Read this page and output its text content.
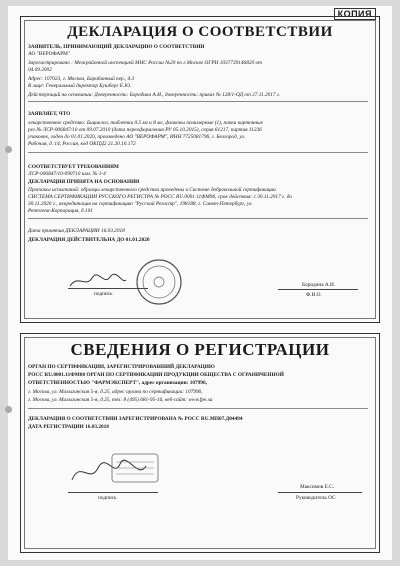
КОПИЯ
ДЕКЛАРАЦИЯ О СООТВЕТСТВИИ
ЗАЯВИТЕЛЬ, ПРИНИМАЮЩИЙ ДЕКЛАРАЦИЮ О СООТВЕТСТВИИ
АО "ВЕРОФАРМ"
Зарегистрировано : Межрайонной инспекцией МНС России №20 по г.Москве ОГРН 1037739146820 от
04.09.2002
Адрес: 107023, г. Москва, Барабанный пер., д.3
В лице: Генеральный директор Бушберг Е.Ю.
Действующий на основании: Доверенность: Бородина А.И., доверенность: приказ № 128/1-ОД от 27.11.2017 г.
ЗАЯВЛЯЕТ, ЧТО
лекарственное средство: Бициклол, таблетки 0.5 мг и 8 мг, флаконы полимерные (1), пачки картонные
рег.№ ЛСР-006847/10 от 09.07.2010 (дата переоформления РУ 05.10.2015), серия 61217, партия 11236
упаковок, годен до 01.01.2020, произведено АО "ВЕРОФАРМ", ИНН 7725081796, г. Белгород, ул.
Рабочая, д. 14, Россия, код ОКПД2 21.20.10.172
СООТВЕТСТВУЕТ ТРЕБОВАНИЯМ
ЛСР-006847/10-090710 изм. № 1-4
ДЕКЛАРАЦИЯ ПРИНЯТА НА ОСНОВАНИИ
Протокол испытаний: образцы лекарственного средства проведены в Системе добровольной сертификации
СИСТЕМА СЕРТИФИКАЦИИ РУССКОГО РЕГИСТРА № РОСС RU.0001.11ФМ96, срок действия: с 30.11.2017 г. до
30.11.2020 г., аккредитация на сертификацию "Русский Регистр", 198188, г. Санкт-Петербург, ул.
Рентгена-Корпорация, д.101
Дата принятия ДЕКЛАРАЦИИ 16.03.2018
ДЕКЛАРАЦИЯ ДЕЙСТВИТЕЛЬНА ДО 01.01.2020
подпись
Бородина А.И.
Ф.И.О.
СВЕДЕНИЯ О РЕГИСТРАЦИИ
ОРГАН ПО СЕРТИФИКАЦИИ, ЗАРЕГИСТРИРОВАВШИЙ ДЕКЛАРАЦИЮ
РОСС RU.0001.11ФМ08 ОРГАН ПО СЕРТИФИКАЦИИ ПРОДУКЦИИ ОБЩЕСТВА С ОГРАНИЧЕННОЙ
ОТВЕТСТВЕННОСТЬЮ "ФАРМЭКСПЕРТ", адрес организации: 107996,
г. Москва, ул. Малыгинская 5-я, д.25, адрес органа по сертификации: 107996,
г. Москва, ул. Малыгинская 5-я, д.25, тел: 8 (495) 681-95-16, веб-сайт: www.fpe.su
ДЕКЛАРАЦИЯ О СООТВЕТСТВИИ ЗАРЕГИСТРИРОВАНА № РОСС RU.МП07.Д04494
ДАТА РЕГИСТРАЦИИ 16.03.2018
подпись
Максимов Е.С.
Руководитель ОС
